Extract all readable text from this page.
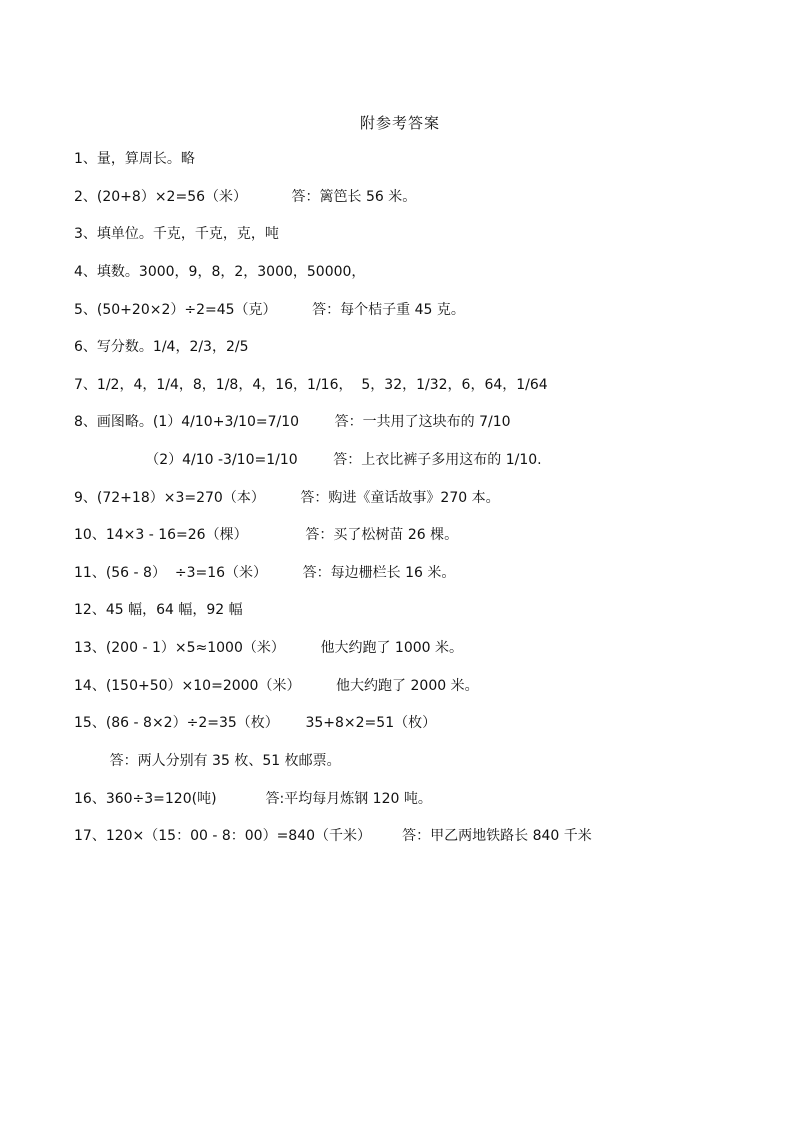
附参考答案
1、量，算周长。略
2、(20+8）×2=56（米）          答：篱笆长 56 米。
3、填单位。千克，千克，克，吨
4、填数。3000，9，8，2，3000，50000，
5、(50+20×2）÷2=45（克）        答：每个桔子重 45 克。
6、写分数。1/4，2/3，2/5
7、1/2，4，1/4，8，1/8，4，16，1/16，  5，32，1/32，6，64，1/64
8、画图略。(1）4/10+3/10=7/10        答：一共用了这块布的 7/10
（2）4/10 -3/10=1/10        答：上衣比裤子多用这布的 1/10.
9、(72+18）×3=270（本）        答：购进《童话故事》270 本。
10、14×3 - 16=26（棵）             答：买了松树苗 26 棵。
11、(56 - 8）  ÷3=16（米）        答：每边栅栏长 16 米。
12、45 幅，64 幅，92 幅
13、(200 - 1）×5≈1000（米）        他大约跑了 1000 米。
14、(150+50）×10=2000（米）        他大约跑了 2000 米。
15、(86 - 8×2）÷2=35（枚）      35+8×2=51（枚）
答：两人分别有 35 枚、51 枚邮票。
16、360÷3=120(吨)           答:平均每月炼钢 120 吨。
17、120×（15：00 - 8：00）=840（千米）       答：甲乙两地铁路长 840 千米
